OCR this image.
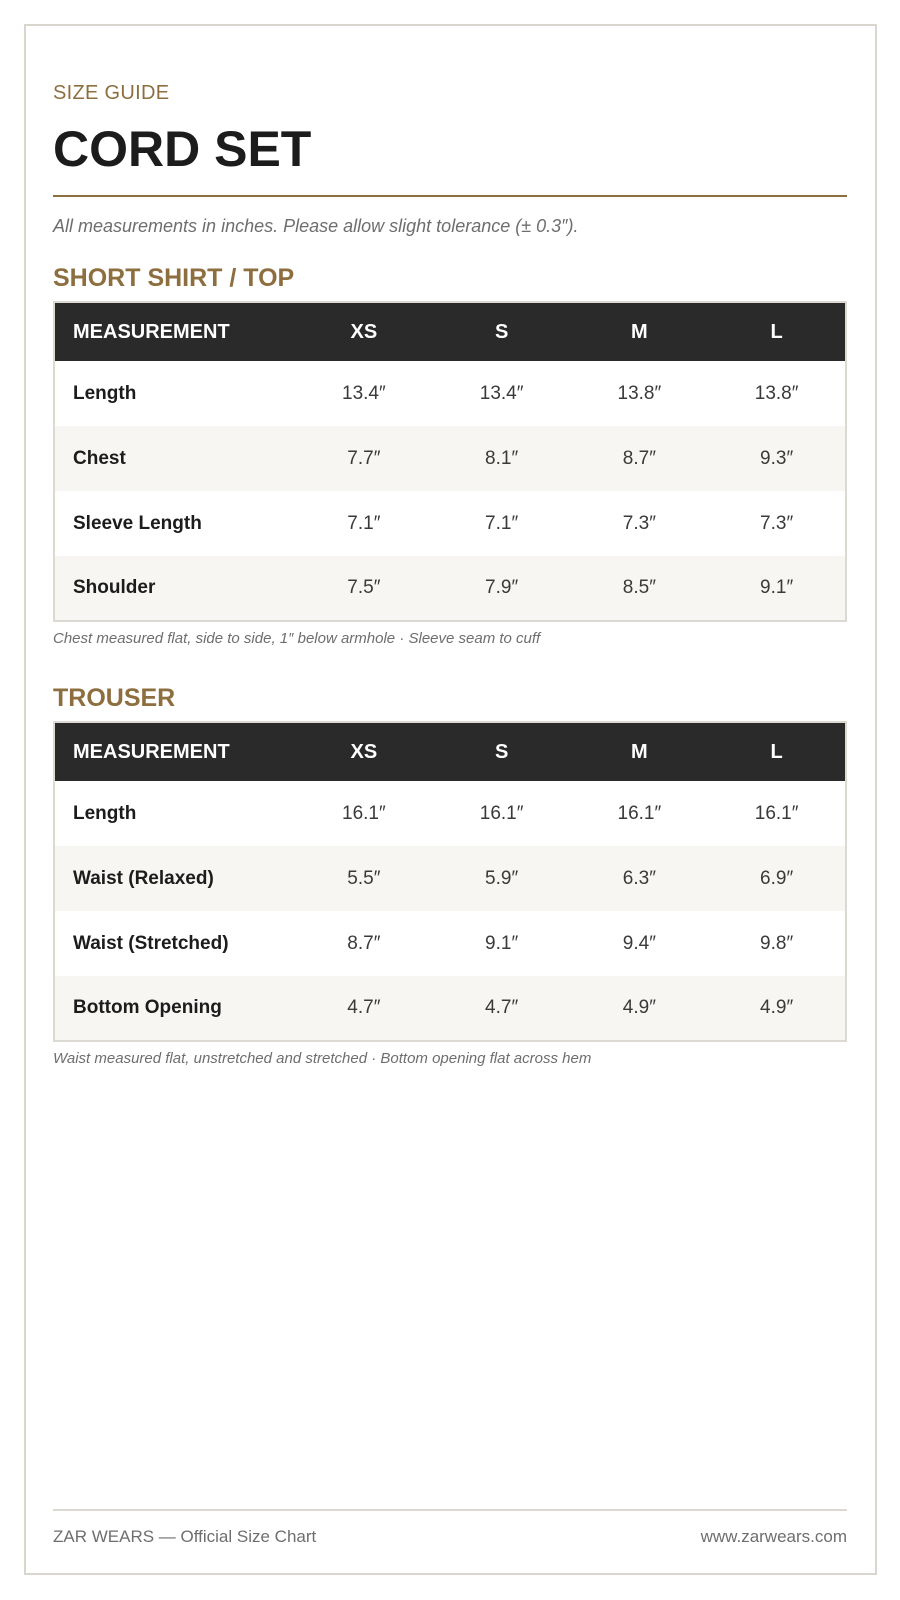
SIZE GUIDE
CORD SET
All measurements in inches. Please allow slight tolerance (± 0.3″).
SHORT SHIRT / TOP
MEASUREMENT	XS	S	M	L
Length	13.4″	13.4″	13.8″	13.8″
Chest	7.7″	8.1″	8.7″	9.3″
Sleeve Length	7.1″	7.1″	7.3″	7.3″
Shoulder	7.5″	7.9″	8.5″	9.1″
Chest measured flat, side to side, 1″ below armhole · Sleeve seam to cuff
TROUSER
MEASUREMENT	XS	S	M	L
Length	16.1″	16.1″	16.1″	16.1″
Waist (Relaxed)	5.5″	5.9″	6.3″	6.9″
Waist (Stretched)	8.7″	9.1″	9.4″	9.8″
Bottom Opening	4.7″	4.7″	4.9″	4.9″
Waist measured flat, unstretched and stretched · Bottom opening flat across hem
ZAR WEARS — Official Size Chart	www.zarwears.com
